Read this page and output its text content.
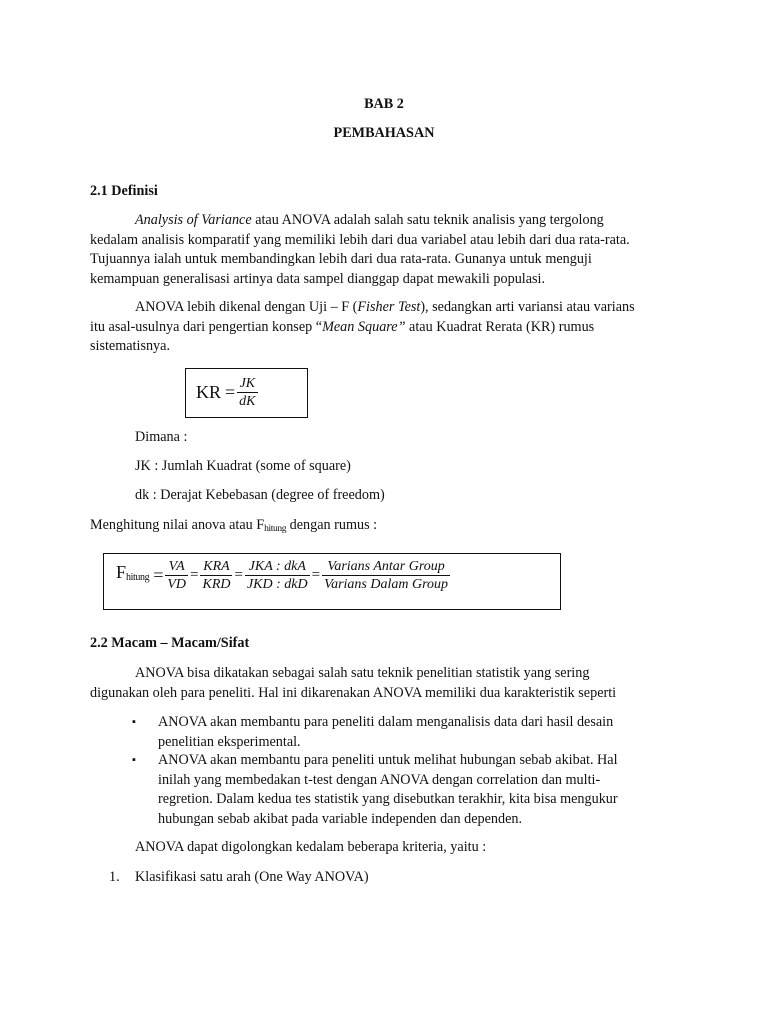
BAB 2
PEMBAHASAN
2.1 Definisi
Analysis of Variance atau ANOVA adalah salah satu teknik analisis yang tergolong
kedalam analisis komparatif yang memiliki lebih dari dua variabel atau lebih dari dua rata-rata.
Tujuannya ialah untuk membandingkan lebih dari dua rata-rata. Gunanya untuk menguji
kemampuan generalisasi artinya data sampel dianggap dapat mewakili populasi.
ANOVA lebih dikenal dengan Uji – F (Fisher Test), sedangkan arti variansi atau varians
itu asal-usulnya dari pengertian konsep “Mean Square” atau Kuadrat Rerata (KR) rumus
sistematisnya.
KR = $\frac{JK}{dK}$
Dimana :
JK : Jumlah Kuadrat (some of square)
dk : Derajat Kebebasan (degree of freedom)
Menghitung nilai anova atau $F_{hitung}$ dengan rumus :
$F_{hitung} = \frac{VA}{VD} = \frac{\text{KRA}}{\text{KRD}} = \frac{\text{JKA : dkA}}{\text{JKD : dkD}} = \frac{\text{Varians Antar Group}}{\text{Varians Dalam Group}}$
2.2 Macam – Macam/Sifat
ANOVA bisa dikatakan sebagai salah satu teknik penelitian statistik yang sering
digunakan oleh para peneliti. Hal ini dikarenakan ANOVA memiliki dua karakteristik seperti
▪ ANOVA akan membantu para peneliti dalam menganalisis data dari hasil desain
penelitian eksperimental.
▪ ANOVA akan membantu para peneliti untuk melihat hubungan sebab akibat. Hal
inilah yang membedakan t-test dengan ANOVA dengan correlation dan multi-
regretion. Dalam kedua tes statistik yang disebutkan terakhir, kita bisa mengukur
hubungan sebab akibat pada variable independen dan dependen.
ANOVA dapat digolongkan kedalam beberapa kriteria, yaitu :
1. Klasifikasi satu arah (One Way ANOVA)
